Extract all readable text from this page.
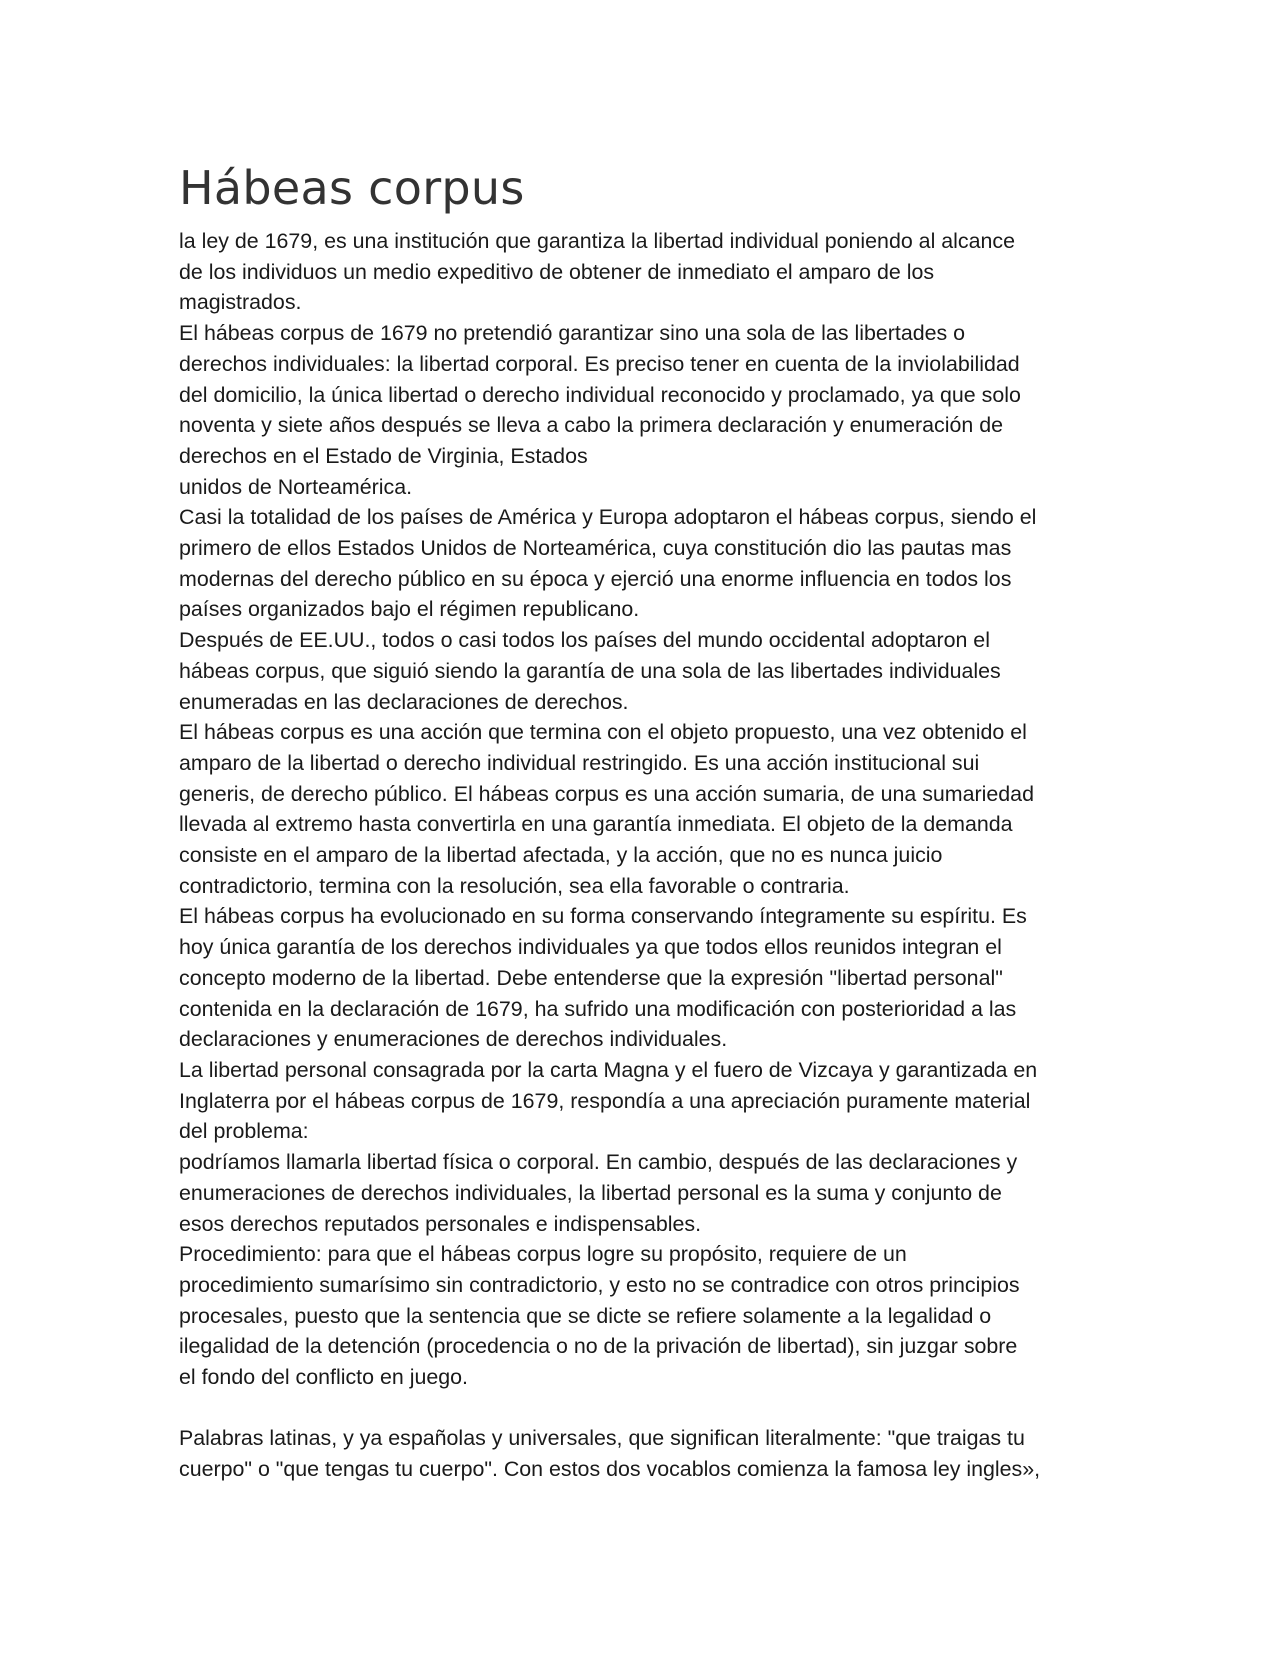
Hábeas corpus
la ley de 1679, es una institución que garantiza la libertad individual poniendo al alcance
de los individuos un medio expeditivo de obtener de inmediato el amparo de los
magistrados.
El hábeas corpus de 1679 no pretendió garantizar sino una sola de las libertades o
derechos individuales: la libertad corporal. Es preciso tener en cuenta de la inviolabilidad
del domicilio, la única libertad o derecho individual reconocido y proclamado, ya que solo
noventa y siete años después se lleva a cabo la primera declaración y enumeración de
derechos en el Estado de Virginia, Estados
unidos de Norteamérica.
Casi la totalidad de los países de América y Europa adoptaron el hábeas corpus, siendo el
primero de ellos Estados Unidos de Norteamérica, cuya constitución dio las pautas mas
modernas del derecho público en su época y ejerció una enorme influencia en todos los
países organizados bajo el régimen republicano.
Después de EE.UU., todos o casi todos los países del mundo occidental adoptaron el
hábeas corpus, que siguió siendo la garantía de una sola de las libertades individuales
enumeradas en las declaraciones de derechos.
El hábeas corpus es una acción que termina con el objeto propuesto, una vez obtenido el
amparo de la libertad o derecho individual restringido. Es una acción institucional sui
generis, de derecho público. El hábeas corpus es una acción sumaria, de una sumariedad
llevada al extremo hasta convertirla en una garantía inmediata. El objeto de la demanda
consiste en el amparo de la libertad afectada, y la acción, que no es nunca juicio
contradictorio, termina con la resolución, sea ella favorable o contraria.
El hábeas corpus ha evolucionado en su forma conservando íntegramente su espíritu. Es
hoy única garantía de los derechos individuales ya que todos ellos reunidos integran el
concepto moderno de la libertad. Debe entenderse que la expresión "libertad personal"
contenida en la declaración de 1679, ha sufrido una modificación con posterioridad a las
declaraciones y enumeraciones de derechos individuales.
La libertad personal consagrada por la carta Magna y el fuero de Vizcaya y garantizada en
Inglaterra por el hábeas corpus de 1679, respondía a una apreciación puramente material
del problema:
podríamos llamarla libertad física o corporal. En cambio, después de las declaraciones y
enumeraciones de derechos individuales, la libertad personal es la suma y conjunto de
esos derechos reputados personales e indispensables.
Procedimiento: para que el hábeas corpus logre su propósito, requiere de un
procedimiento sumarísimo sin contradictorio, y esto no se contradice con otros principios
procesales, puesto que la sentencia que se dicte se refiere solamente a la legalidad o
ilegalidad de la detención (procedencia o no de la privación de libertad), sin juzgar sobre
el fondo del conflicto en juego.
Palabras latinas, y ya españolas y universales, que significan literalmente: "que traigas tu
cuerpo" o "que tengas tu cuerpo". Con estos dos vocablos comienza la famosa ley ingles»,
